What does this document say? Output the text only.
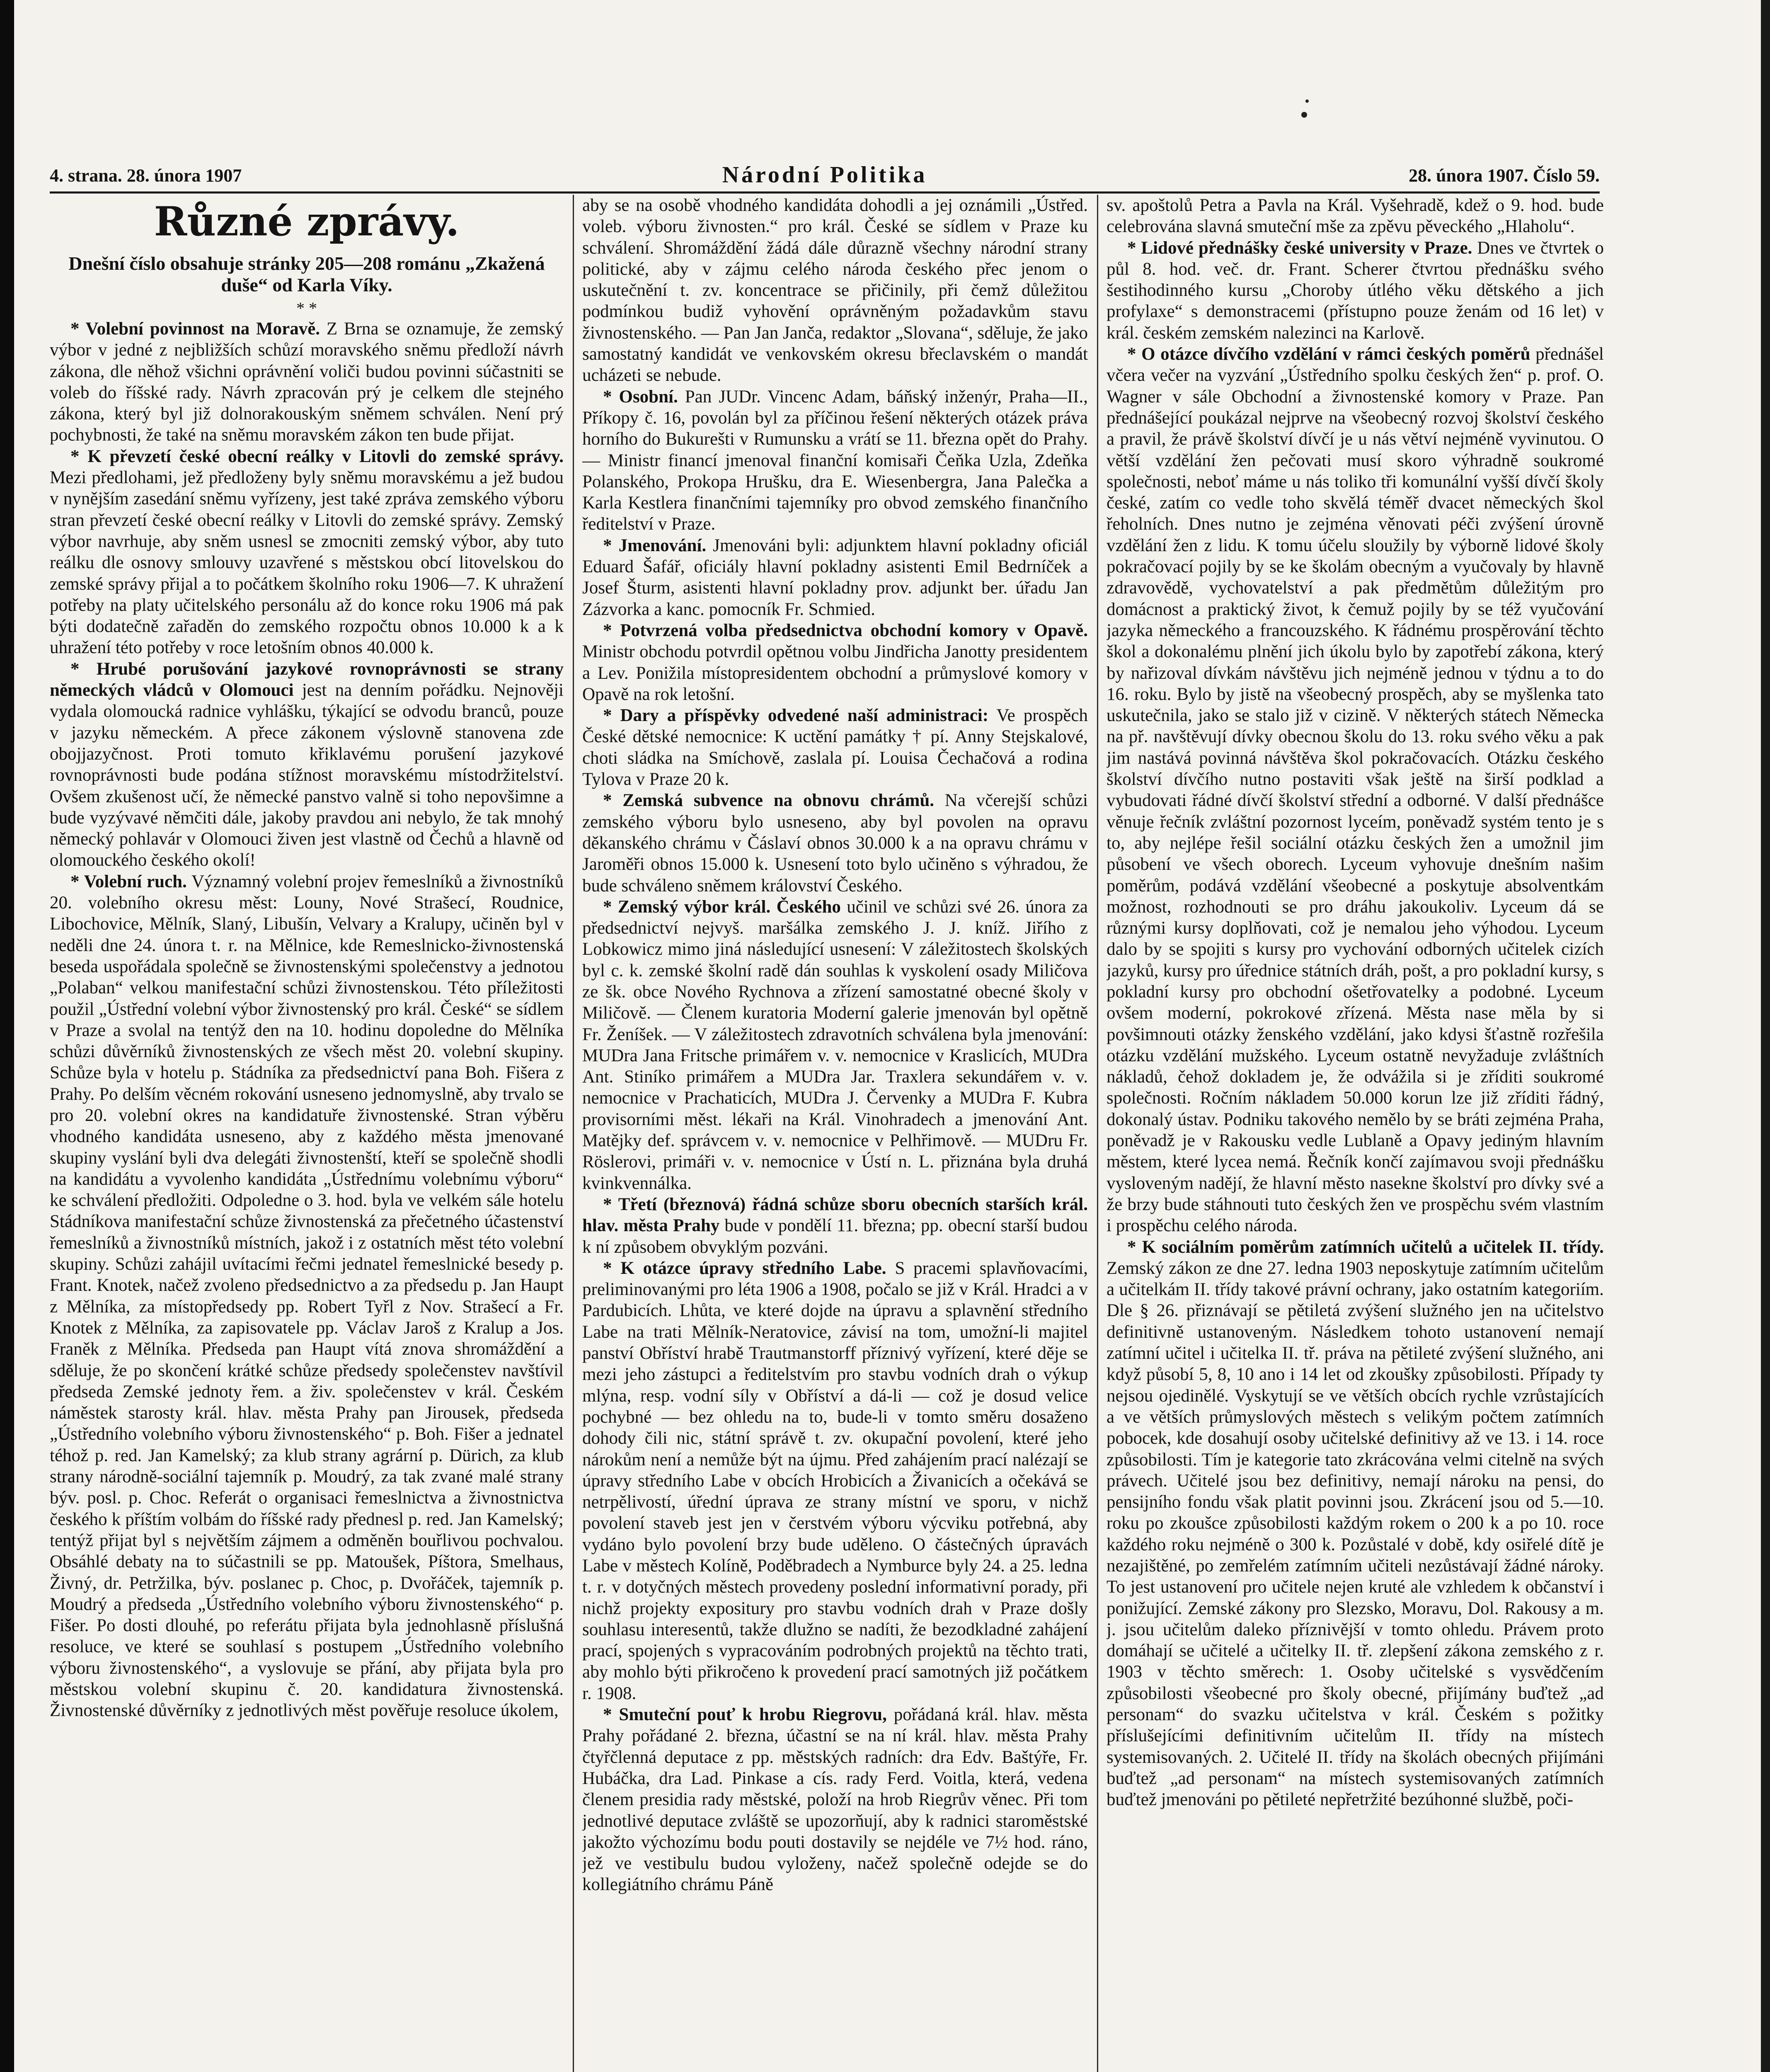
4. strana. 28. února 1907	Národní Politika	28. února 1907. Číslo 59.
Různé zprávy.
Dnešní číslo obsahuje stránky 205—208 románu „Zkažená duše“ od Karla Víky.
* *

* Volební povinnost na Moravě. Z Brna se oznamuje, že zemský výbor v jedné z nejbližších schůzí moravského sněmu předloží návrh zákona, dle něhož všichni oprávnění voliči budou povinni súčastniti se voleb do říšské rady. Návrh zpracován prý je celkem dle stejného zákona, který byl již dolnorakouským sněmem schválen. Není prý pochybnosti, že také na sněmu moravském zákon ten bude přijat.

* K převzetí české obecní reálky v Litovli do zemské správy. Mezi předlohami, jež předloženy byly sněmu moravskému a jež budou v nynějším zasedání sněmu vyřízeny, jest také zpráva zemského výboru stran převzetí české obecní reálky v Litovli do zemské správy. Zemský výbor navrhuje, aby sněm usnesl se zmocniti zemský výbor, aby tuto reálku dle osnovy smlouvy uzavřené s městskou obcí litovelskou do zemské správy přijal a to počátkem školního roku 1906—7. K uhražení potřeby na platy učitelského personálu až do konce roku 1906 má pak býti dodatečně zařaděn do zemského rozpočtu obnos 10.000 k a k uhražení této potřeby v roce letošním obnos 40.000 k.

* Hrubé porušování jazykové rovnoprávnosti se strany německých vládců v Olomouci jest na denním pořádku. Nejnověji vydala olomoucká radnice vyhlášku, týkající se odvodu branců, pouze v jazyku německém. A přece zákonem výslovně stanovena zde obojjazyčnost. Proti tomuto křiklavému porušení jazykové rovnoprávnosti bude podána stížnost moravskému místodržitelství. Ovšem zkušenost učí, že německé panstvo valně si toho nepovšimne a bude vyzývavé němčiti dále, jakoby pravdou ani nebylo, že tak mnohý německý pohlavár v Olomouci živen jest vlastně od Čechů a hlavně od olomouckého českého okolí!

* Volební ruch. Významný volební projev řemeslníků a živnostníků 20. volebního okresu měst: Louny, Nové Strašecí, Roudnice, Libochovice, Mělník, Slaný, Libušín, Velvary a Kralupy, učiněn byl v neděli dne 24. února t. r. na Mělnice, kde Remeslnicko-živnostenská beseda uspořádala společně se živnostenskými společenstvy a jednotou „Polaban“ velkou manifestační schůzi živnostenskou. Této příležitosti použil „Ústřední volební výbor živnostenský pro král. České“ se sídlem v Praze a svolal na tentýž den na 10. hodinu dopoledne do Mělníka schůzi důvěrníků živnostenských ze všech měst 20. volební skupiny. Schůze byla v hotelu p. Stádníka za předsednictví pana Boh. Fišera z Prahy. Po delším věcném rokování usneseno jednomyslně, aby trvalo se pro 20. volební okres na kandidatuře živnostenské. Stran výběru vhodného kandidáta usneseno, aby z každého města jmenované skupiny vyslání byli dva delegáti živnostenští, kteří se společně shodli na kandidátu a vyvolenho kandidáta „Ústřednímu volebnímu výboru“ ke schválení předložiti. Odpoledne o 3. hod. byla ve velkém sále hotelu Stádníkova manifestační schůze živnostenská za přečetného účastenství řemeslníků a živnostníků místních, jakož i z ostatních měst této volební skupiny. Schůzi zahájil uvítacími řečmi jednatel řemeslnické besedy p. Frant. Knotek, načež zvoleno předsednictvo a za předsedu p. Jan Haupt z Mělníka, za místopředsedy pp. Robert Tyřl z Nov. Strašecí a Fr. Knotek z Mělníka, za zapisovatele pp. Václav Jaroš z Kralup a Jos. Franěk z Mělníka. Předseda pan Haupt vítá znova shromáždění a sděluje, že po skončení krátké schůze předsedy společenstev navštívil předseda Zemské jednoty řem. a živ. společenstev v král. Českém náměstek starosty král. hlav. města Prahy pan Jirousek, předseda „Ústředního volebního výboru živnostenského“ p. Boh. Fišer a jednatel téhož p. red. Jan Kamelský; za klub strany agrární p. Dürich, za klub strany národně-sociální tajemník p. Moudrý, za tak zvané malé strany býv. posl. p. Choc. Referát o organisaci řemeslnictva a živnostnictva českého k příštím volbám do říšské rady přednesl p. red. Jan Kamelský; tentýž přijat byl s největším zájmem a odměněn bouřlivou pochvalou. Obsáhlé debaty na to súčastnili se pp. Matoušek, Píštora, Smelhaus, Živný, dr. Petržilka, býv. poslanec p. Choc, p. Dvořáček, tajemník p. Moudrý a předseda „Ústředního volebního výboru živnostenského“ p. Fišer. Po dosti dlouhé, po referátu přijata byla jednohlasně příslušná resoluce, ve které se souhlasí s postupem „Ústředního volebního výboru živnostenského“, a vyslovuje se přání, aby přijata byla pro městskou volební skupinu č. 20. kandidatura živnostenská. Živnostenské důvěrníky z jednotlivých měst pověřuje resoluce úkolem,

aby se na osobě vhodného kandidáta dohodli a jej oznámili „Ústřed. voleb. výboru živnosten.“ pro král. České se sídlem v Praze ku schválení. Shromáždění žádá dále důrazně všechny národní strany politické, aby v zájmu celého národa českého přec jenom o uskutečnění t. zv. koncentrace se přičinily, při čemž důležitou podmínkou budiž vyhovění oprávněným požadavkům stavu živnostenského. — Pan Jan Janča, redaktor „Slovana“, sděluje, že jako samostatný kandidát ve venkovském okresu břeclavském o mandát ucházeti se nebude.

* Osobní. Pan JUDr. Vincenc Adam, báňský inženýr, Praha—II., Příkopy č. 16, povolán byl za příčinou řešení některých otázek práva horního do Bukurešti v Rumunsku a vrátí se 11. března opět do Prahy. — Ministr financí jmenoval finanční komisaři Čeňka Uzla, Zdeňka Polanského, Prokopa Hrušku, dra E. Wiesenbergra, Jana Palečka a Karla Kestlera finančními tajemníky pro obvod zemského finančního ředitelství v Praze.

* Jmenování. Jmenováni byli: adjunktem hlavní pokladny oficiál Eduard Šafář, oficiály hlavní pokladny asistenti Emil Bedrníček a Josef Šturm, asistenti hlavní pokladny prov. adjunkt ber. úřadu Jan Zázvorka a kanc. pomocník Fr. Schmied.

* Potvrzená volba předsednictva obchodní komory v Opavě. Ministr obchodu potvrdil opětnou volbu Jindřicha Janotty presidentem a Lev. Ponižila místopresidentem obchodní a průmyslové komory v Opavě na rok letošní.

* Dary a příspěvky odvedené naší administraci: Ve prospěch České dětské nemocnice: K uctění památky † pí. Anny Stejskalové, choti sládka na Smíchově, zaslala pí. Louisa Čechačová a rodina Tylova v Praze 20 k.

* Zemská subvence na obnovu chrámů. Na včerejší schůzi zemského výboru bylo usneseno, aby byl povolen na opravu děkanského chrámu v Čáslaví obnos 30.000 k a na opravu chrámu v Jaroměři obnos 15.000 k. Usnesení toto bylo učiněno s výhradou, že bude schváleno sněmem království Českého.

* Zemský výbor král. Českého učinil ve schůzi své 26. února za předsednictví nejvyš. maršálka zemského J. J. kníž. Jiřího z Lobkowicz mimo jiná následující usnesení: V záležitostech školských byl c. k. zemské školní radě dán souhlas k vyskolení osady Miličova ze šk. obce Nového Rychnova a zřízení samostatné obecné školy v Miličově. — Členem kuratoria Moderní galerie jmenován byl opětně Fr. Ženíšek. — V záležitostech zdravotních schválena byla jmenování: MUDra Jana Fritsche primářem v. v. nemocnice v Kraslicích, MUDra Ant. Stiníko primářem a MUDra Jar. Traxlera sekundářem v. v. nemocnice v Prachaticích, MUDra J. Červenky a MUDra F. Kubra provisorními měst. lékaři na Král. Vinohradech a jmenování Ant. Matějky def. správcem v. v. nemocnice v Pelhřimově. — MUDru Fr. Röslerovi, primáři v. v. nemocnice v Ústí n. L. přiznána byla druhá kvinkvennálka.

* Třetí (březnová) řádná schůze sboru obecních starších král. hlav. města Prahy bude v pondělí 11. března; pp. obecní starší budou k ní způsobem obvyklým pozváni.

* K otázce úpravy středního Labe. S pracemi splavňovacími, preliminovanými pro léta 1906 a 1908, počalo se již v Král. Hradci a v Pardubicích. Lhůta, ve které dojde na úpravu a splavnění středního Labe na trati Mělník-Neratovice, závisí na tom, umožní-li majitel panství Obříství hrabě Trautmanstorff příznivý vyřízení, které děje se mezi jeho zástupci a ředitelstvím pro stavbu vodních drah o výkup mlýna, resp. vodní síly v Obříství a dá-li — což je dosud velice pochybné — bez ohledu na to, bude-li v tomto směru dosaženo dohody čili nic, státní správě t. zv. okupační povolení, které jeho nárokům není a nemůže být na újmu. Před zahájením prací nalézají se úpravy středního Labe v obcích Hrobicích a Živanicích a očekává se netrpělivostí, úřední úprava ze strany místní ve sporu, v nichž povolení staveb jest jen v čerstvém výboru výcviku potřebná, aby vydáno bylo povolení brzy bude uděleno. O částečných úpravách Labe v městech Kolíně, Poděbradech a Nymburce byly 24. a 25. ledna t. r. v dotyčných městech provedeny poslední informativní porady, při nichž projekty expositury pro stavbu vodních drah v Praze došly souhlasu interesentů, takže dlužno se nadíti, že bezodkladné zahájení prací, spojených s vypracováním podrobných projektů na těchto trati, aby mohlo býti přikročeno k provedení prací samotných již počátkem r. 1908.

* Smuteční pouť k hrobu Riegrovu, pořádaná král. hlav. města Prahy pořádané 2. března, účastní se na ní král. hlav. města Prahy čtyřčlenná deputace z pp. městských radních: dra Edv. Baštýře, Fr. Hubáčka, dra Lad. Pinkase a cís. rady Ferd. Voitla, která, vedena členem presidia rady městské, položí na hrob Riegrův věnec. Při tom jednotlivé deputace zvláště se upozorňují, aby k radnici staroměstské jakožto výchozímu bodu pouti dostavily se nejdéle ve 7½ hod. ráno, jež ve vestibulu budou vyloženy, načež společně odejde se do kollegiátního chrámu Páně

sv. apoštolů Petra a Pavla na Král. Vyšehradě, kdež o 9. hod. bude celebrována slavná smuteční mše za zpěvu pěveckého „Hlaholu“.

* Lidové přednášky české university v Praze. Dnes ve čtvrtek o půl 8. hod. več. dr. Frant. Scherer čtvrtou přednášku svého šestihodinného kursu „Choroby útlého věku dětského a jich profylaxe“ s demonstracemi (přístupno pouze ženám od 16 let) v král. českém zemském nalezinci na Karlově.

* O otázce dívčího vzdělání v rámci českých poměrů přednášel včera večer na vyzvání „Ústředního spolku českých žen“ p. prof. O. Wagner v sále Obchodní a živnostenské komory v Praze. Pan přednášející poukázal nejprve na všeobecný rozvoj školství českého a pravil, že právě školství dívčí je u nás větví nejméně vyvinutou. O větší vzdělání žen pečovati musí skoro výhradně soukromé společnosti, neboť máme u nás toliko tři komunální vyšší dívčí školy české, zatím co vedle toho skvělá téměř dvacet německých škol řeholních. Dnes nutno je zejména věnovati péči zvýšení úrovně vzdělání žen z lidu. K tomu účelu sloužily by výborně lidové školy pokračovací pojily by se ke školám obecným a vyučovaly by hlavně zdravovědě, vychovatelství a pak předmětům důležitým pro domácnost a praktický život, k čemuž pojily by se též vyučování jazyka německého a francouzského. K řádnému prospěrování těchto škol a dokonalému plnění jich úkolu bylo by zapotřebí zákona, který by nařizoval dívkám návštěvu jich nejméně jednou v týdnu a to do 16. roku. Bylo by jistě na všeobecný prospěch, aby se myšlenka tato uskutečnila, jako se stalo již v cizině. V některých státech Německa na př. navštěvují dívky obecnou školu do 13. roku svého věku a pak jim nastává povinná návštěva škol pokračovacích. Otázku českého školství dívčího nutno postaviti však ještě na širší podklad a vybudovati řádné dívčí školství střední a odborné. V další přednášce věnuje řečník zvláštní pozornost lyceím, poněvadž systém tento je s to, aby nejlépe řešil sociální otázku českých žen a umožnil jim působení ve všech oborech. Lyceum vyhovuje dnešním našim poměrům, podává vzdělání všeobecné a poskytuje absolventkám možnost, rozhodnouti se pro dráhu jakoukoliv. Lyceum dá se různými kursy doplňovati, což je nemalou jeho výhodou. Lyceum dalo by se spojiti s kursy pro vychování odborných učitelek cizích jazyků, kursy pro úřednice státních dráh, pošt, a pro pokladní kursy, s pokladní kursy pro obchodní ošetřovatelky a podobné. Lyceum ovšem moderní, pokrokové zřízená. Města nase měla by si povšimnouti otázky ženského vzdělání, jako kdysi šťastně rozřešila otázku vzdělání mužského. Lyceum ostatně nevyžaduje zvláštních nákladů, čehož dokladem je, že odvážila si je zříditi soukromé společnosti. Ročním nákladem 50.000 korun lze již zříditi řádný, dokonalý ústav. Podniku takového nemělo by se bráti zejména Praha, poněvadž je v Rakousku vedle Lublaně a Opavy jediným hlavním městem, které lycea nemá. Řečník končí zajímavou svoji přednášku vysloveným nadějí, že hlavní město nasekne školství pro dívky své a že brzy bude stáhnouti tuto českých žen ve prospěchu svém vlastním i prospěchu celého národa.

* K sociálním poměrům zatímních učitelů a učitelek II. třídy. Zemský zákon ze dne 27. ledna 1903 neposkytuje zatímním učitelům a učitelkám II. třídy takové právní ochrany, jako ostatním kategoriím. Dle § 26. přiznávají se pětiletá zvýšení služného jen na učitelstvo definitivně ustanoveným. Následkem tohoto ustanovení nemají zatímní učitel i učitelka II. tř. práva na pětileté zvýšení služného, ani když působí 5, 8, 10 ano i 14 let od zkoušky způsobilosti. Případy ty nejsou ojedinělé. Vyskytují se ve větších obcích rychle vzrůstajících a ve větších průmyslových městech s velikým počtem zatímních pobocek, kde dosahují osoby učitelské definitivy až ve 13. i 14. roce způsobilosti. Tím je kategorie tato zkrácována velmi citelně na svých právech. Učitelé jsou bez definitivy, nemají nároku na pensi, do pensijního fondu však platit povinni jsou. Zkrácení jsou od 5.—10. roku po zkoušce způsobilosti každým rokem o 200 k a po 10. roce každého roku nejméně o 300 k. Pozůstalé v době, kdy osiřelé dítě je nezajištěné, po zemřelém zatímním učiteli nezůstávají žádné nároky. To jest ustanovení pro učitele nejen kruté ale vzhledem k občanství i ponižující. Zemské zákony pro Slezsko, Moravu, Dol. Rakousy a m. j. jsou učitelům daleko příznivější v tomto ohledu. Právem proto domáhají se učitelé a učitelky II. tř. zlepšení zákona zemského z r. 1903 v těchto směrech: 1. Osoby učitelské s vysvědčením způsobilosti všeobecné pro školy obecné, přijímány buďtež „ad personam“ do svazku učitelstva v král. Českém s požitky příslušejícími definitivním učitelům II. třídy na místech systemisovaných. 2. Učitelé II. třídy na školách obecných přijímáni buďtež „ad personam“ na místech systemisovaných zatímních buďtež jmenováni po pětileté nepřetržité bezúhonné službě, poči-
